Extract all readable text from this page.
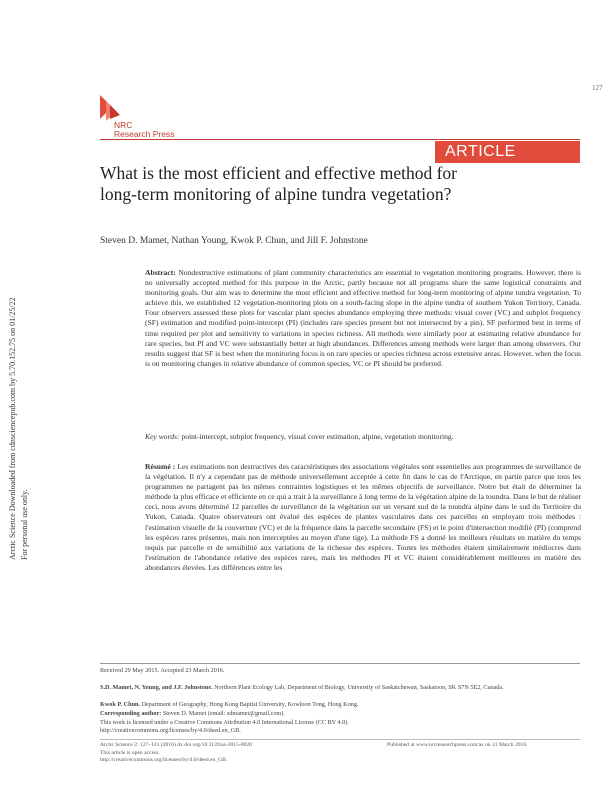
127
NRC
Research Press
ARTICLE
What is the most efficient and effective method for long-term monitoring of alpine tundra vegetation?
Steven D. Mamet, Nathan Young, Kwok P. Chun, and Jill F. Johnstone
Abstract: Nondestructive estimations of plant community characteristics are essential to vegetation monitoring programs. However, there is no universally accepted method for this purpose in the Arctic, partly because not all programs share the same logistical constraints and monitoring goals. Our aim was to determine the most efficient and effective method for long-term monitoring of alpine tundra vegetation. To achieve this, we established 12 vegetation-monitoring plots on a south-facing slope in the alpine tundra of southern Yukon Territory, Canada. Four observers assessed these plots for vascular plant species abundance employing three methods: visual cover (VC) and subplot frequency (SF) estimation and modified point-intercept (PI) (includes rare species present but not intersected by a pin). SF performed best in terms of time required per plot and sensitivity to variations in species richness. All methods were similarly poor at estimating relative abundance for rare species, but PI and VC were substantially better at high abundances. Differences among methods were larger than among observers. Our results suggest that SF is best when the monitoring focus is on rare species or species richness across extensive areas. However, when the focus is on monitoring changes in relative abundance of common species, VC or PI should be preferred.
Key words: point-intercept, subplot frequency, visual cover estimation, alpine, vegetation monitoring.
Résumé : Les estimations non destructives des caractéristiques des associations végétales sont essentielles aux programmes de surveillance de la végétation. Il n'y a cependant pas de méthode universellement acceptée à cette fin dans le cas de l'Arctique, en partie parce que tous les programmes ne partagent pas les mêmes contraintes logistiques et les mêmes objectifs de surveillance. Notre but était de déterminer la méthode la plus efficace et efficiente en ce qui a trait à la surveillance à long terme de la végétation alpine de la toundra. Dans le but de réaliser ceci, nous avons déterminé 12 parcelles de surveillance de la végétation sur un versant sud de la toundra alpine dans le sud du Territoire du Yukon, Canada. Quatre observateurs ont évalué des espèces de plantes vasculaires dans ces parcelles en employant trois méthodes : l'estimation visuelle de la couverture (VC) et de la fréquence dans la parcelle secondaire (FS) et le point d'intersection modifié (PI) (comprend les espèces rares présentes, mais non interceptées au moyen d'une tige). La méthode FS a donné les meilleurs résultats en matière du temps requis par parcelle et de sensibilité aux variations de la richesse des espèces. Toutes les méthodes étaient similairement médiocres dans l'estimation de l'abondance relative des espèces rares, mais les méthodes PI et VC étaient considérablement meilleures en matière des abondances élevées. Les différences entre les
Arctic Science Downloaded from cdnsciencepub.com by 5.70.152.75 on 01/25/22 For personal use only.
Received 29 May 2015. Accepted 23 March 2016.
S.D. Mamet, N. Young, and J.F. Johnstone. Northern Plant Ecology Lab, Department of Biology, University of Saskatchewan, Saskatoon, SK S7N 5E2, Canada.
Kwok P. Chun. Department of Geography, Hong Kong Baptist University, Kowloon Tong, Hong Kong.
Corresponding author: Steven D. Mamet (email: sdmamet@gmail.com).
This work is licensed under a Creative Commons Attribution 4.0 International License (CC BY 4.0).
http://creativecommons.org/licenses/by/4.0/deed.en_GB.
Arctic Science 2: 127–141 (2016) dx.doi.org/10.1139/as-2015-0020	Published at www.nrcresearchpress.com/as on 31 March 2016.
This article is open access.
http://creativecommons.org/licenses/by/4.0/deed.en_GB.
